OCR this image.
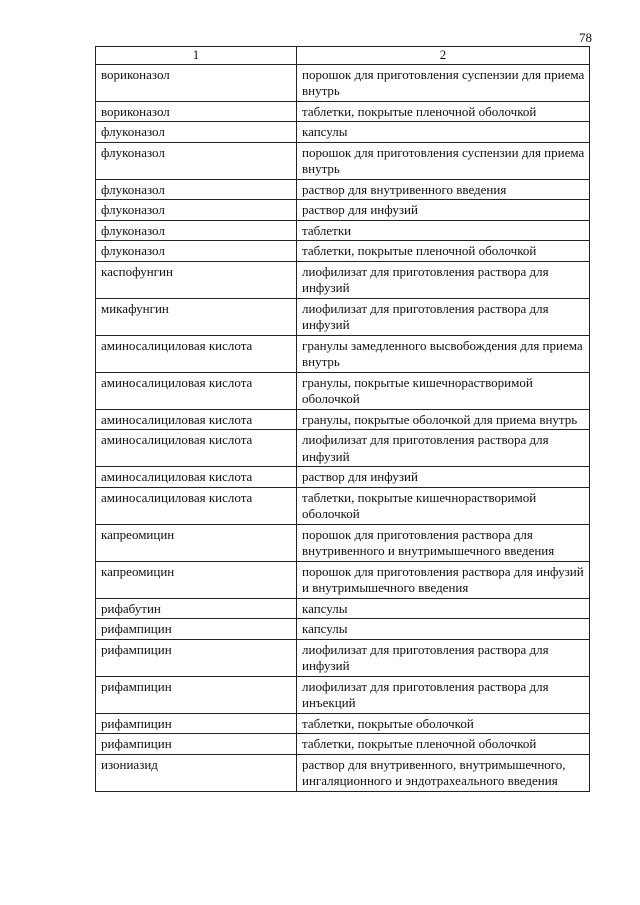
78
1	2
вориконазол	порошок для приготовления суспензии для приема внутрь
вориконазол	таблетки, покрытые пленочной оболочкой
флуконазол	капсулы
флуконазол	порошок для приготовления суспензии для приема внутрь
флуконазол	раствор для внутривенного введения
флуконазол	раствор для инфузий
флуконазол	таблетки
флуконазол	таблетки, покрытые пленочной оболочкой
каспофунгин	лиофилизат для приготовления раствора для инфузий
микафунгин	лиофилизат для приготовления раствора для инфузий
аминосалициловая кислота	гранулы замедленного высвобождения для приема внутрь
аминосалициловая кислота	гранулы, покрытые кишечнорастворимой оболочкой
аминосалициловая кислота	гранулы, покрытые оболочкой для приема внутрь
аминосалициловая кислота	лиофилизат для приготовления раствора для инфузий
аминосалициловая кислота	раствор для инфузий
аминосалициловая кислота	таблетки, покрытые кишечнорастворимой оболочкой
капреомицин	порошок для приготовления раствора для внутривенного и внутримышечного введения
капреомицин	порошок для приготовления раствора для инфузий и внутримышечного введения
рифабутин	капсулы
рифампицин	капсулы
рифампицин	лиофилизат для приготовления раствора для инфузий
рифампицин	лиофилизат для приготовления раствора для инъекций
рифампицин	таблетки, покрытые оболочкой
рифампицин	таблетки, покрытые пленочной оболочкой
изониазид	раствор для внутривенного, внутримышечного, ингаляционного и эндотрахеального введения
